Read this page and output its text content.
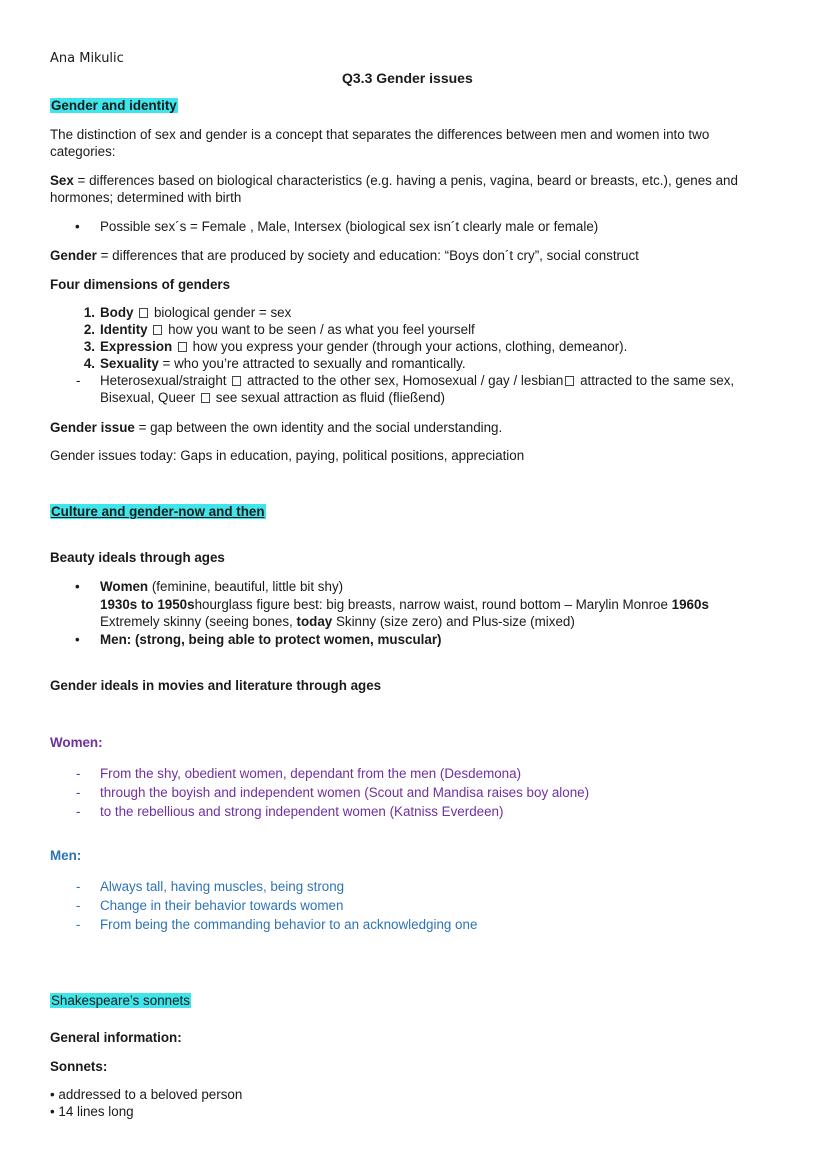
Ana Mikulic
Q3.3 Gender issues
Gender and identity
The distinction of sex and gender is a concept that separates the differences between men and women into two
categories:
Sex = differences based on biological characteristics (e.g. having a penis, vagina, beard or breasts, etc.), genes and
hormones; determined with birth
• Possible sex´s = Female , Male, Intersex (biological sex isn´t clearly male or female)
Gender = differences that are produced by society and education: “Boys don´t cry”, social construct
Four dimensions of genders
1. Body biological gender = sex
2. Identity how you want to be seen / as what you feel yourself
3. Expression how you express your gender (through your actions, clothing, demeanor).
4. Sexuality = who you’re attracted to sexually and romantically.
- Heterosexual/straight attracted to the other sex, Homosexual / gay / lesbian attracted to the same sex,
Bisexual, Queer see sexual attraction as fluid (fließend)
Gender issue = gap between the own identity and the social understanding.
Gender issues today: Gaps in education, paying, political positions, appreciation
Culture and gender-now and then
Beauty ideals through ages
• Women (feminine, beautiful, little bit shy)
1930s to 1950shourglass figure best: big breasts, narrow waist, round bottom – Marylin Monroe 1960s
Extremely skinny (seeing bones, today Skinny (size zero) and Plus-size (mixed)
• Men: (strong, being able to protect women, muscular)
Gender ideals in movies and literature through ages
Women:
- From the shy, obedient women, dependant from the men (Desdemona)
- through the boyish and independent women (Scout and Mandisa raises boy alone)
- to the rebellious and strong independent women (Katniss Everdeen)
Men:
- Always tall, having muscles, being strong
- Change in their behavior towards women
- From being the commanding behavior to an acknowledging one
Shakespeare’s sonnets
General information:
Sonnets:
• addressed to a beloved person
• 14 lines long
